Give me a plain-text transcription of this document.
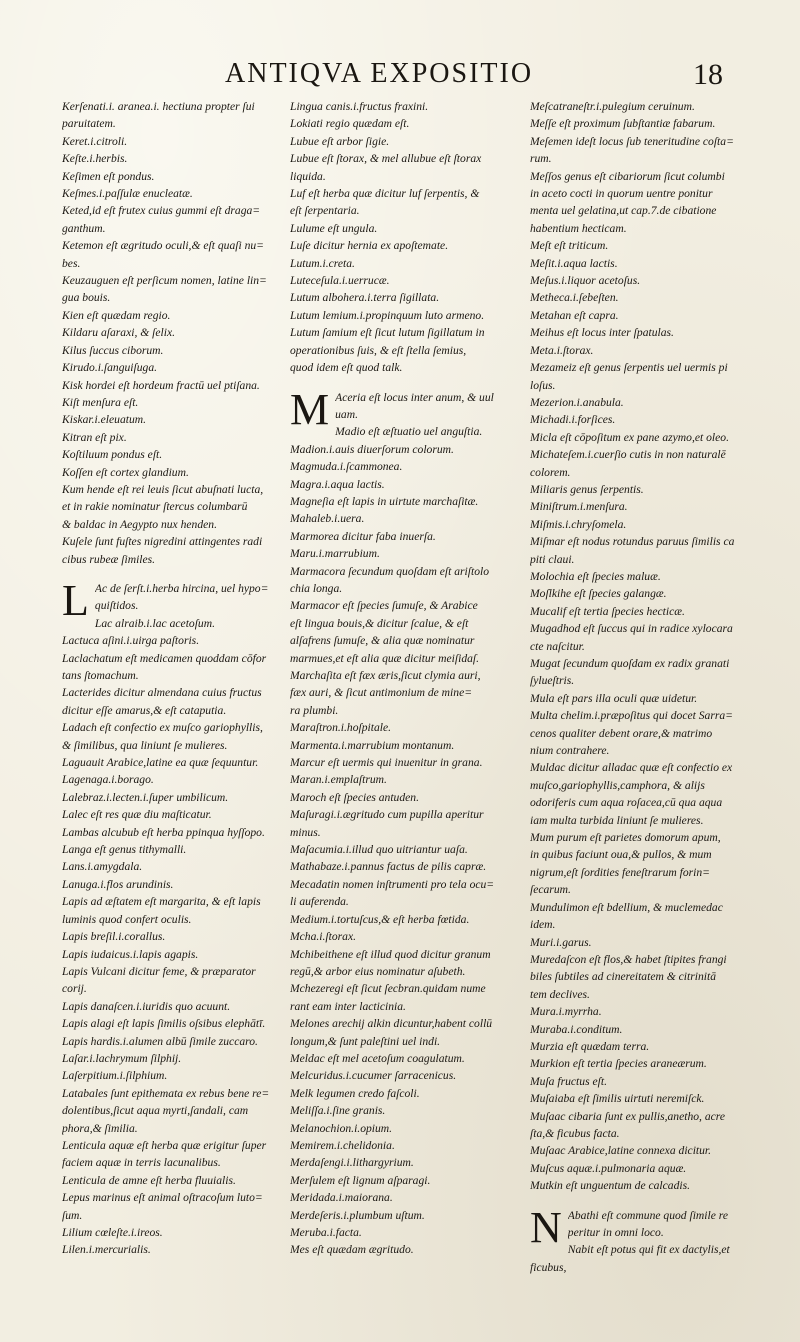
ANTIQVA EXPOSITIO	18
Kerſenati.i. aranea.i. hectiuna propter ſui
paruitatem.
Keret.i.citroli.
Keſte.i.herbis.
Keſimen eſt pondus.
Keſmes.i.paſſulæ enucleatæ.
Keted,id eſt frutex cuius gummi eſt draga=
ganthum.
Ketemon eſt ægritudo oculi,& eſt quaſi nu=
bes.
Keuzauguen eſt perſicum nomen, latine lin=
gua bouis.
Kien eſt quædam regio.
Kildaru aſaraxi, & ſelix.
Kilus ſuccus ciborum.
Kirudo.i.ſanguiſuga.
Kisk hordei eſt hordeum fractū uel ptiſana.
Kiſt menſura eſt.
Kiskar.i.eleuatum.
Kitran eſt pix.
Koſtiluum pondus eſt.
Koſſen eſt cortex glandium.
Kum hende eſt rei leuis ſicut abuſnati lucta,
et in rakie nominatur ſtercus columbarū
& baldac in Aegypto nux henden.
Kuſele ſunt fuſtes nigredini attingentes radi
cibus rubeæ ſimiles.
L Ac de ſerſt.i.herba hircina, uel hypo=
quiſtidos.
Lac alraib.i.lac acetoſum.
Lactuca aſini.i.uirga paſtoris.
Laclachatum eſt medicamen quoddam cōfor
tans ſtomachum.
Lacterides dicitur almendana cuius fructus
dicitur eſſe amarus,& eſt cataputia.
Ladach eſt confectio ex muſco gariophyllis,
& ſimilibus, qua liniunt ſe mulieres.
Laguauit Arabice,latine ea quæ ſequuntur.
Lagenaga.i.borago.
Lalebraz.i.lecten.i.ſuper umbilicum.
Lalec eſt res quæ diu maſticatur.
Lambas alcubub eſt herba ppinqua hyſſopo.
Langa eſt genus tithymalli.
Lans.i.amygdala.
Lanuga.i.flos arundinis.
Lapis ad æſtatem eſt margarita, & eſt lapis
luminis quod confert oculis.
Lapis breſil.i.corallus.
Lapis iudaicus.i.lapis agapis.
Lapis Vulcani dicitur feme, & præparator
corij.
Lapis danaſcen.i.iuridis quo acuunt.
Lapis alagi eſt lapis ſimilis oſsibus elephātī.
Lapis hardis.i.alumen albū ſimile zuccaro.
Laſar.i.lachrymum ſilphij.
Laſerpitium.i.ſilphium.
Latabales ſunt epithemata ex rebus bene re=
dolentibus,ſicut aqua myrti,ſandali, cam
phora,& ſimilia.
Lenticula aquæ eſt herba quæ erigitur ſuper
faciem aquæ in terris lacunalibus.
Lenticula de amne eſt herba fluuialis.
Lepus marinus eſt animal oſtracoſum luto=
ſum.
Lilium cœleſte.i.ireos.
Lilen.i.mercurialis.
Lingua canis.i.fructus fraxini.
Lokiati regio quædam eſt.
Lubue eſt arbor ſigie.
Lubue eſt ſtorax, & mel allubue eſt ſtorax
liquida.
Luf eſt herba quæ dicitur luf ſerpentis, &
eſt ſerpentaria.
Lulume eſt ungula.
Luſe dicitur hernia ex apoſtemate.
Lutum.i.creta.
Luteceſula.i.uerrucæ.
Lutum albohera.i.terra ſigillata.
Lutum lemium.i.propinquum luto armeno.
Lutum ſamium eſt ſicut lutum ſigillatum in
operationibus ſuis, & eſt ſtella ſemius,
quod idem eſt quod talk.
M Aceria eſt locus inter anum, & uul
uam.
Madio eſt æſtuatio uel anguſtia.
Madion.i.auis diuerſorum colorum.
Magmuda.i.ſcammonea.
Magra.i.aqua lactis.
Magneſia eſt lapis in uirtute marchaſitæ.
Mahaleb.i.uera.
Marmorea dicitur faba inuerſa.
Maru.i.marrubium.
Marmacora ſecundum quoſdam eſt ariſtolo
chia longa.
Marmacor eſt ſpecies ſumuſe, & Arabice
eſt lingua bouis,& dicitur ſcalue, & eſt
alſafrens ſumuſe, & alia quæ nominatur
marmues,et eſt alia quæ dicitur meiſidaſ.
Marchaſita eſt fæx æris,ſicut clymia auri,
fæx auri, & ſicut antimonium de mine=
ra plumbi.
Maraſtron.i.hoſpitale.
Marmenta.i.marrubium montanum.
Marcur eſt uermis qui inuenitur in grana.
Maran.i.emplaſtrum.
Maroch eſt ſpecies antuden.
Maſuragi.i.ægritudo cum pupilla aperitur
minus.
Maſacumia.i.illud quo uitriantur uaſa.
Mathabaze.i.pannus factus de pilis capræ.
Mecadatin nomen inſtrumenti pro tela ocu=
li auferenda.
Medium.i.tortuſcus,& eſt herba fœtida.
Mcha.i.ſtorax.
Mchibeithene eſt illud quod dicitur granum
regū,& arbor eius nominatur aſubeth.
Mchezeregi eſt ſicut ſecbran.quidam nume
rant eam inter lacticinia.
Melones arechij alkin dicuntur,habent collū
longum,& ſunt paleſtini uel indi.
Meldac eſt mel acetoſum coagulatum.
Melcuridus.i.cucumer ſarracenicus.
Melk legumen credo faſcoli.
Meliſſa.i.ſine granis.
Melanochion.i.opium.
Memirem.i.chelidonia.
Merdaſengi.i.lithargyrium.
Merſulem eſt lignum aſparagi.
Meridada.i.maiorana.
Merdeſeris.i.plumbum uſtum.
Meruba.i.facta.
Mes eſt quædam ægritudo.
Meſcatraneſtr.i.pulegium ceruinum.
Meſſe eſt proximum ſubſtantiæ fabarum.
Meſemen ideſt locus ſub teneritudine coſta=
rum.
Meſſos genus eſt cibariorum ſicut columbi
in aceto cocti in quorum uentre ponitur
menta uel gelatina,ut cap.7.de cibatione
habentium hecticam.
Meſt eſt triticum.
Meſit.i.aqua lactis.
Meſus.i.liquor acetoſus.
Metheca.i.ſebeſten.
Metahan eſt capra.
Meihus eſt locus inter ſpatulas.
Meta.i.ſtorax.
Mezameiz eſt genus ſerpentis uel uermis pi
loſus.
Mezerion.i.anabula.
Michadi.i.forſices.
Micla eſt cōpoſitum ex pane azymo,et oleo.
Michateſem.i.cuerſio cutis in non naturalē
colorem.
Miliaris genus ſerpentis.
Miniſtrum.i.menſura.
Miſmis.i.chryſomela.
Miſmar eſt nodus rotundus paruus ſimilis ca
piti claui.
Molochia eſt ſpecies maluæ.
Moſlkihe eſt ſpecies galangæ.
Mucalif eſt tertia ſpecies hecticæ.
Mugadhod eſt ſuccus qui in radice xylocara
cte naſcitur.
Mugat ſecundum quoſdam ex radix granati
ſylueſtris.
Mula eſt pars illa oculi quæ uidetur.
Multa chelim.i.præpoſitus qui docet Sarra=
cenos qualiter debent orare,& matrimo
nium contrahere.
Muldac dicitur alladac quæ eſt confectio ex
muſco,gariophyllis,camphora, & alijs
odoriferis cum aqua roſacea,cū qua aqua
iam multa turbida liniunt ſe mulieres.
Mum purum eſt parietes domorum apum,
in quibus faciunt oua,& pullos, & mum
nigrum,eſt ſordities feneſtrarum forin=
ſecarum.
Mundulimon eſt bdellium, & muclemedac
idem.
Muri.i.garus.
Muredaſcon eſt flos,& habet ſtipites frangi
biles ſubtiles ad cinereitatem & citrinitā
tem declives.
Mura.i.myrrha.
Muraba.i.conditum.
Murzia eſt quædam terra.
Murkion eſt tertia ſpecies araneærum.
Muſa fructus eſt.
Muſaiaba eſt ſimilis uirtuti neremiſck.
Muſaac cibaria ſunt ex pullis,anetho, acre
ſta,& ficubus facta.
Muſaac Arabice,latine connexa dicitur.
Muſcus aquæ.i.pulmonaria aquæ.
Mutkin eſt unguentum de calcadis.
N Abathi eſt commune quod ſimile re
peritur in omni loco.
Nabit eſt potus qui fit ex dactylis,et
ficubus,
